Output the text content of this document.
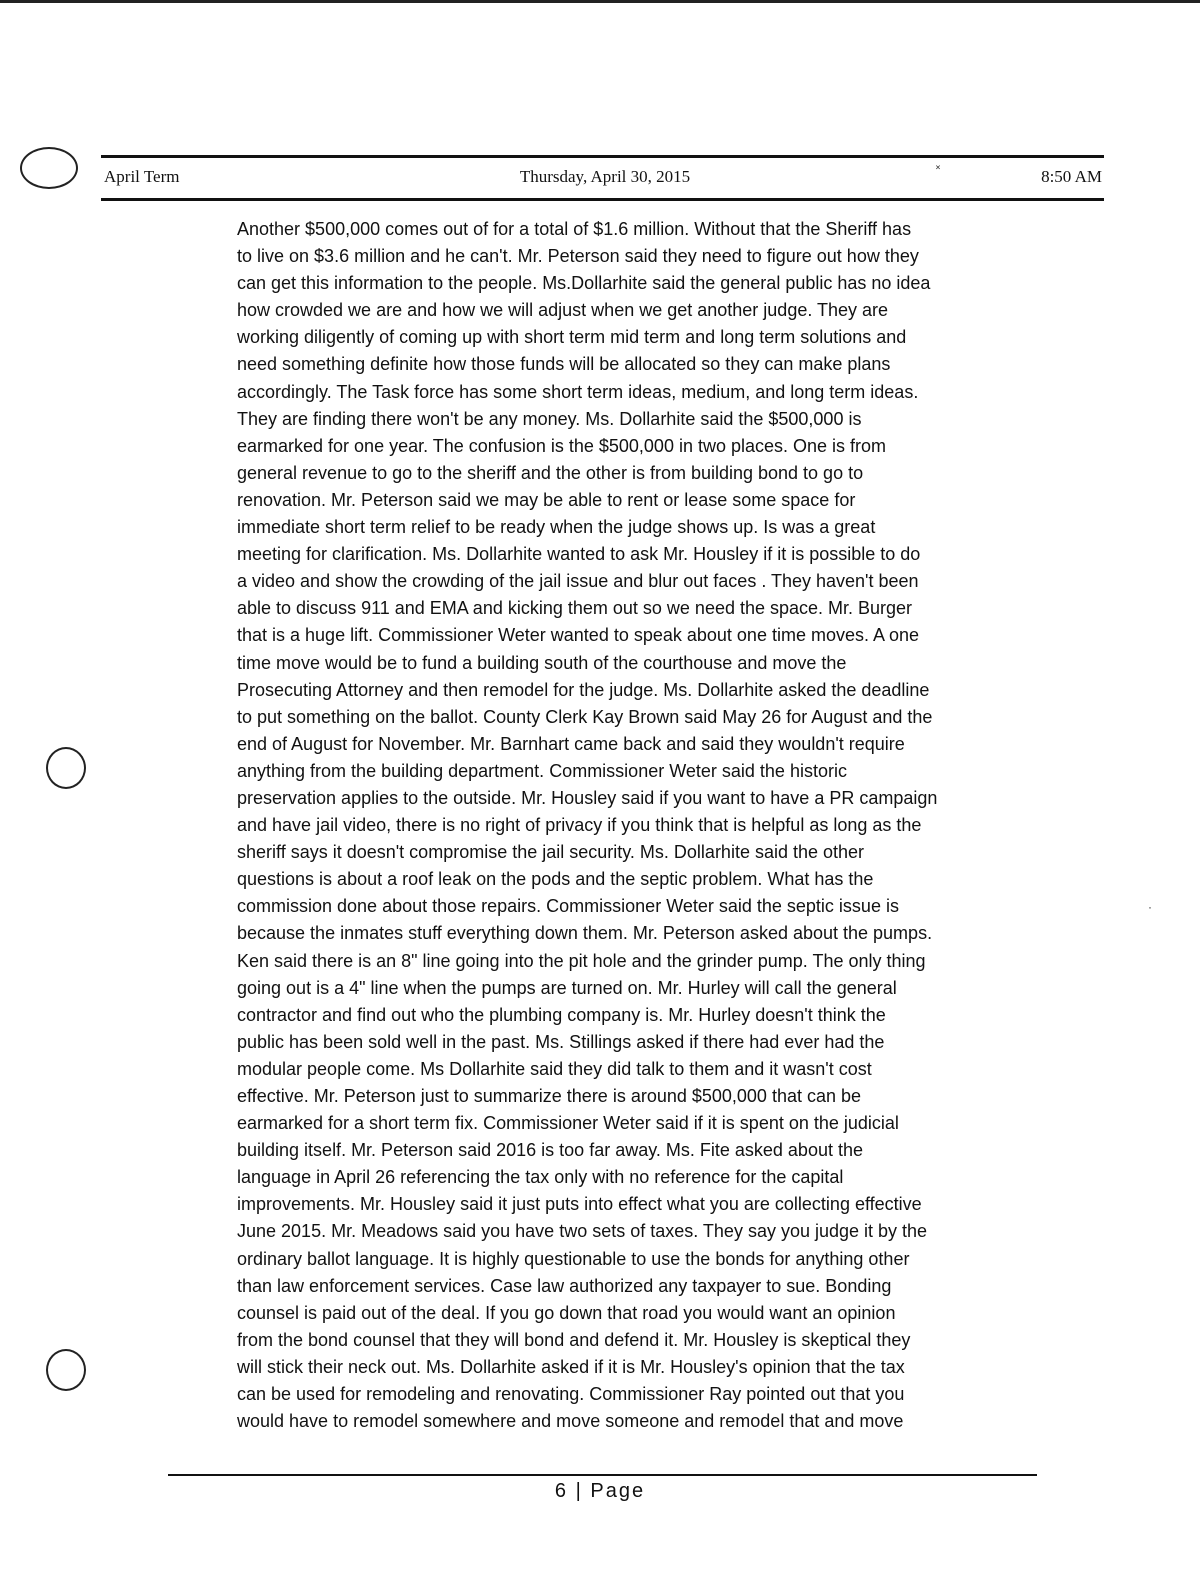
April Term	Thursday, April 30, 2015	8:50 AM
˟
·
Another $500,000 comes out of for a total of $1.6 million. Without that the Sheriff has
to live on $3.6 million and he can't. Mr. Peterson said they need to figure out how they
can get this information to the people. Ms.Dollarhite said the general public has no idea
how crowded we are and how we will adjust when we get another judge. They are
working diligently of coming up with short term mid term and long term solutions and
need something definite how those funds will be allocated so they can make plans
accordingly. The Task force has some short term ideas, medium, and long term ideas.
They are finding there won't be any money. Ms. Dollarhite said the $500,000 is
earmarked for one year. The confusion is the $500,000 in two places. One is from
general revenue to go to the sheriff and the other is from building bond to go to
renovation. Mr. Peterson said we may be able to rent or lease some space for
immediate short term relief to be ready when the judge shows up. Is was a great
meeting for clarification. Ms. Dollarhite wanted to ask Mr. Housley if it is possible to do
a video and show the crowding of the jail issue and blur out faces . They haven't been
able to discuss 911 and EMA and kicking them out so we need the space. Mr. Burger
that is a huge lift. Commissioner Weter wanted to speak about one time moves. A one
time move would be to fund a building south of the courthouse and move the
Prosecuting Attorney and then remodel for the judge. Ms. Dollarhite asked the deadline
to put something on the ballot. County Clerk Kay Brown said May 26 for August and the
end of August for November. Mr. Barnhart came back and said they wouldn't require
anything from the building department. Commissioner Weter said the historic
preservation applies to the outside. Mr. Housley said if you want to have a PR campaign
and have jail video, there is no right of privacy if you think that is helpful as long as the
sheriff says it doesn't compromise the jail security. Ms. Dollarhite said the other
questions is about a roof leak on the pods and the septic problem. What has the
commission done about those repairs. Commissioner Weter said the septic issue is
because the inmates stuff everything down them. Mr. Peterson asked about the pumps.
Ken said there is an 8" line going into the pit hole and the grinder pump. The only thing
going out is a 4" line when the pumps are turned on. Mr. Hurley will call the general
contractor and find out who the plumbing company is. Mr. Hurley doesn't think the
public has been sold well in the past. Ms. Stillings asked if there had ever had the
modular people come. Ms Dollarhite said they did talk to them and it wasn't cost
effective. Mr. Peterson just to summarize there is around $500,000 that can be
earmarked for a short term fix. Commissioner Weter said if it is spent on the judicial
building itself. Mr. Peterson said 2016 is too far away. Ms. Fite asked about the
language in April 26 referencing the tax only with no reference for the capital
improvements. Mr. Housley said it just puts into effect what you are collecting effective
June 2015. Mr. Meadows said you have two sets of taxes. They say you judge it by the
ordinary ballot language. It is highly questionable to use the bonds for anything other
than law enforcement services. Case law authorized any taxpayer to sue. Bonding
counsel is paid out of the deal. If you go down that road you would want an opinion
from the bond counsel that they will bond and defend it. Mr. Housley is skeptical they
will stick their neck out. Ms. Dollarhite asked if it is Mr. Housley's opinion that the tax
can be used for remodeling and renovating. Commissioner Ray pointed out that you
would have to remodel somewhere and move someone and remodel that and move
6 | Page
